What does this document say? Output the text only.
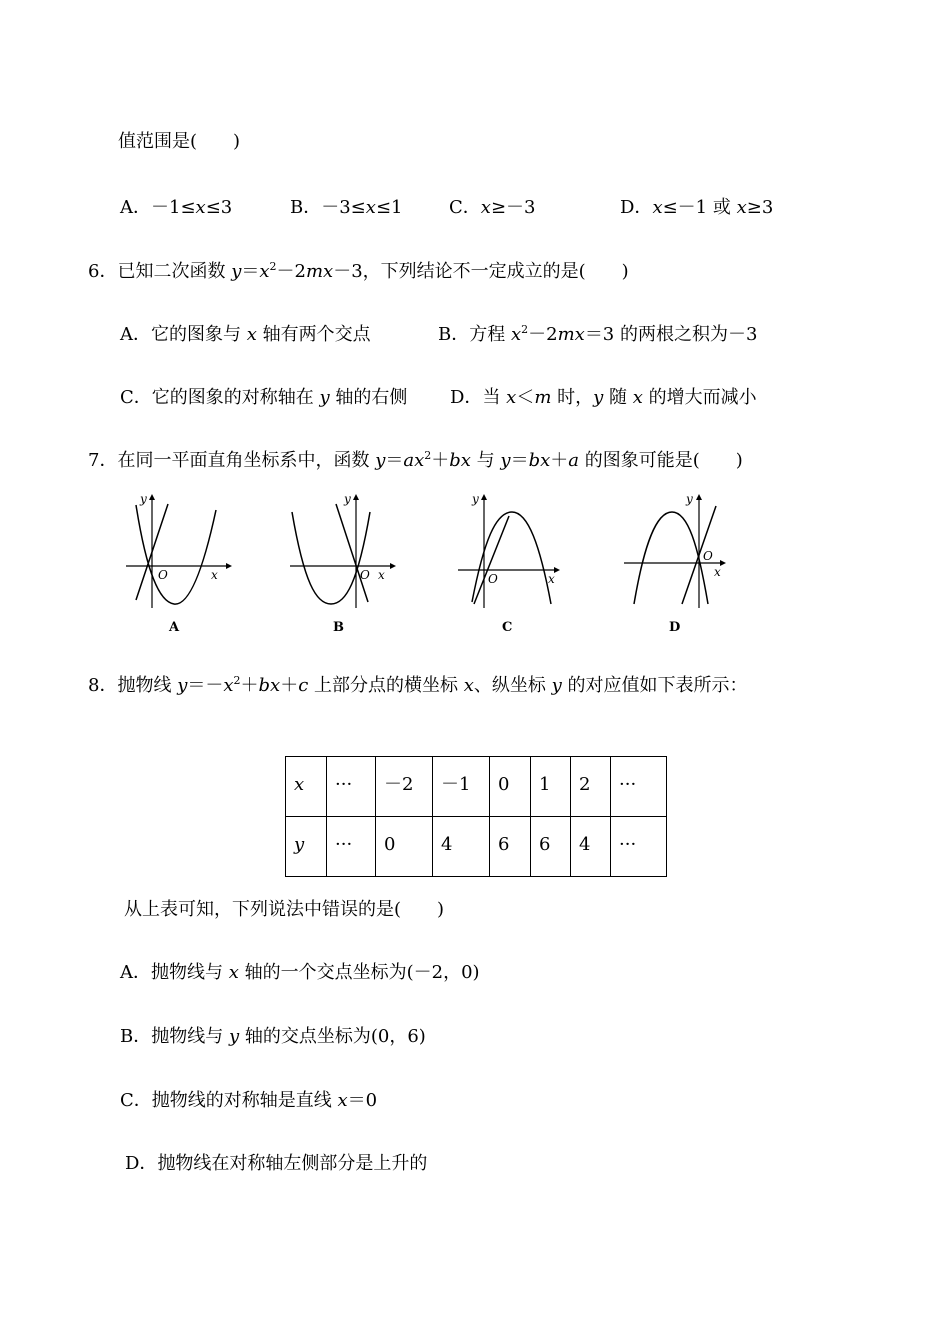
值范围是(　　)
A．－1≤x≤3	B．－3≤x≤1	C．x≥－3	D．x≤－1 或 x≥3
6．已知二次函数 $y=x^2-2mx-3$，下列结论不一定成立的是(　　)
A．它的图象与 x 轴有两个交点	B．方程 $x^2-2mx=3$ 的两根之积为－3
C．它的图象的对称轴在 y 轴的右侧 D．当 x＜m 时，y 随 x 的增大而减小
7．在同一平面直角坐标系中，函数 $y=ax^2+bx$ 与 y＝bx＋a 的图象可能是(　　)
y
x
O
A
y
x
O
B
y
x
O
C
y
x
O
D
8．抛物线 $y=-x^2+bx+c$ 上部分点的横坐标 x、纵坐标 y 的对应值如下表所示：
x	···	－2	－1	0	1	2	···
y	···	0	4	6	6	4	···
从上表可知，下列说法中错误的是(　　)
A．抛物线与 x 轴的一个交点坐标为(－2，0)
B．抛物线与 y 轴的交点坐标为(0，6)
C．抛物线的对称轴是直线 x＝0
D．抛物线在对称轴左侧部分是上升的
